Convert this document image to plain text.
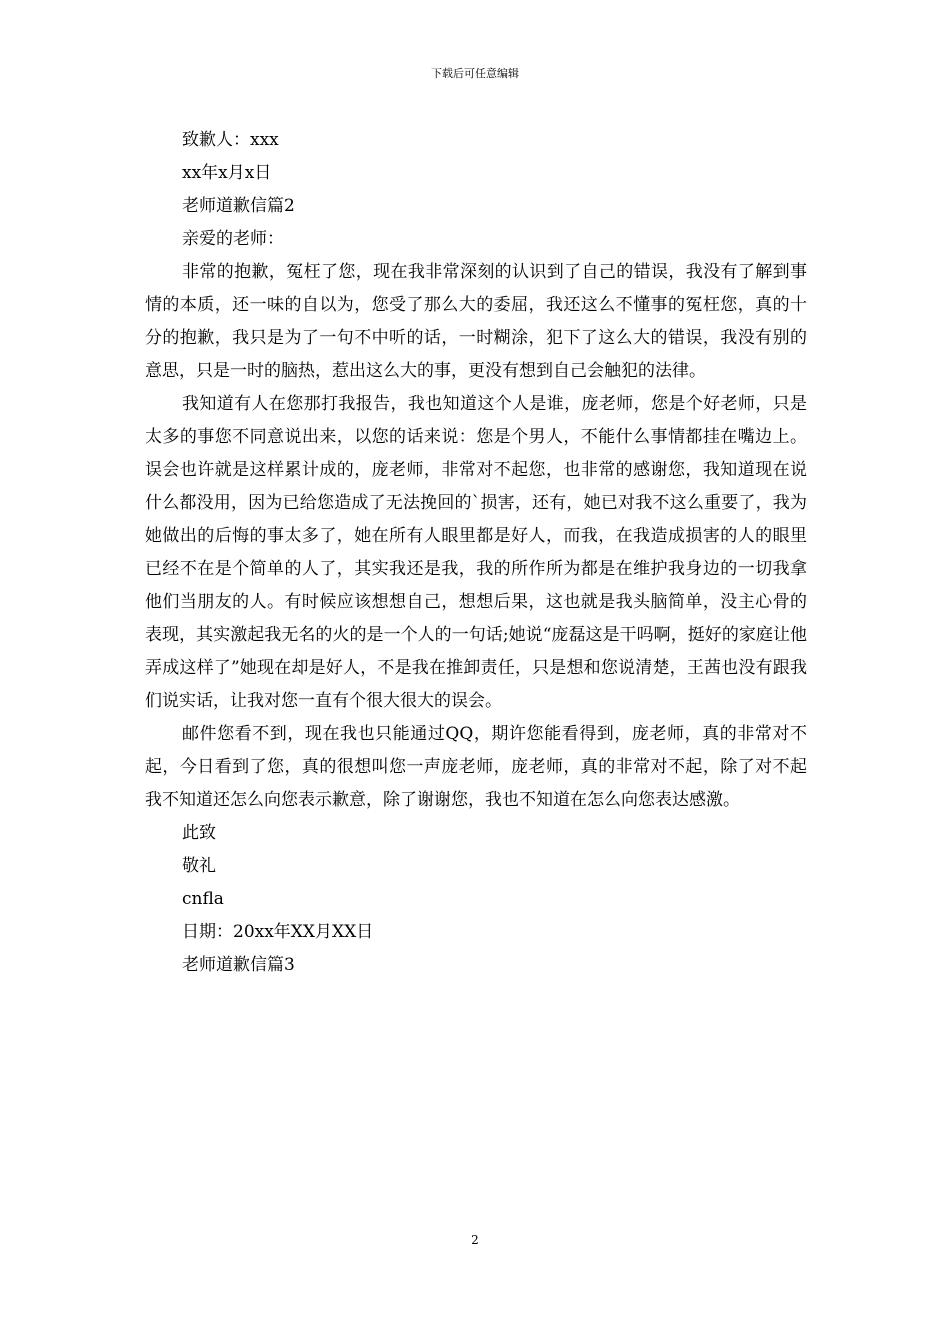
下载后可任意编辑

致歉人：xxx

xx年x月x日

老师道歉信篇2

亲爱的老师：

非常的抱歉，冤枉了您，现在我非常深刻的认识到了自己的错误，我没有了解到事情的本质，还一味的自以为，您受了那么大的委屈，我还这么不懂事的冤枉您，真的十分的抱歉，我只是为了一句不中听的话，一时糊涂，犯下了这么大的错误，我没有别的意思，只是一时的脑热，惹出这么大的事，更没有想到自己会触犯的法律。

我知道有人在您那打我报告，我也知道这个人是谁，庞老师，您是个好老师，只是太多的事您不同意说出来，以您的话来说：您是个男人，不能什么事情都挂在嘴边上。误会也许就是这样累计成的，庞老师，非常对不起您，也非常的感谢您，我知道现在说什么都没用，因为已给您造成了无法挽回的`损害，还有，她已对我不这么重要了，我为她做出的后悔的事太多了，她在所有人眼里都是好人，而我，在我造成损害的人的眼里已经不在是个简单的人了，其实我还是我，我的所作所为都是在维护我身边的一切我拿他们当朋友的人。有时候应该想想自己，想想后果，这也就是我头脑简单，没主心骨的表现，其实激起我无名的火的是一个人的一句话;她说“庞磊这是干吗啊，挺好的家庭让他弄成这样了”她现在却是好人，不是我在推卸责任，只是想和您说清楚，王茜也没有跟我们说实话，让我对您一直有个很大很大的误会。

邮件您看不到，现在我也只能通过QQ，期许您能看得到，庞老师，真的非常对不起，今日看到了您，真的很想叫您一声庞老师，庞老师，真的非常对不起，除了对不起我不知道还怎么向您表示歉意，除了谢谢您，我也不知道在怎么向您表达感激。

此致

敬礼

cnfla

日期：20xx年XX月XX日

老师道歉信篇3

2
